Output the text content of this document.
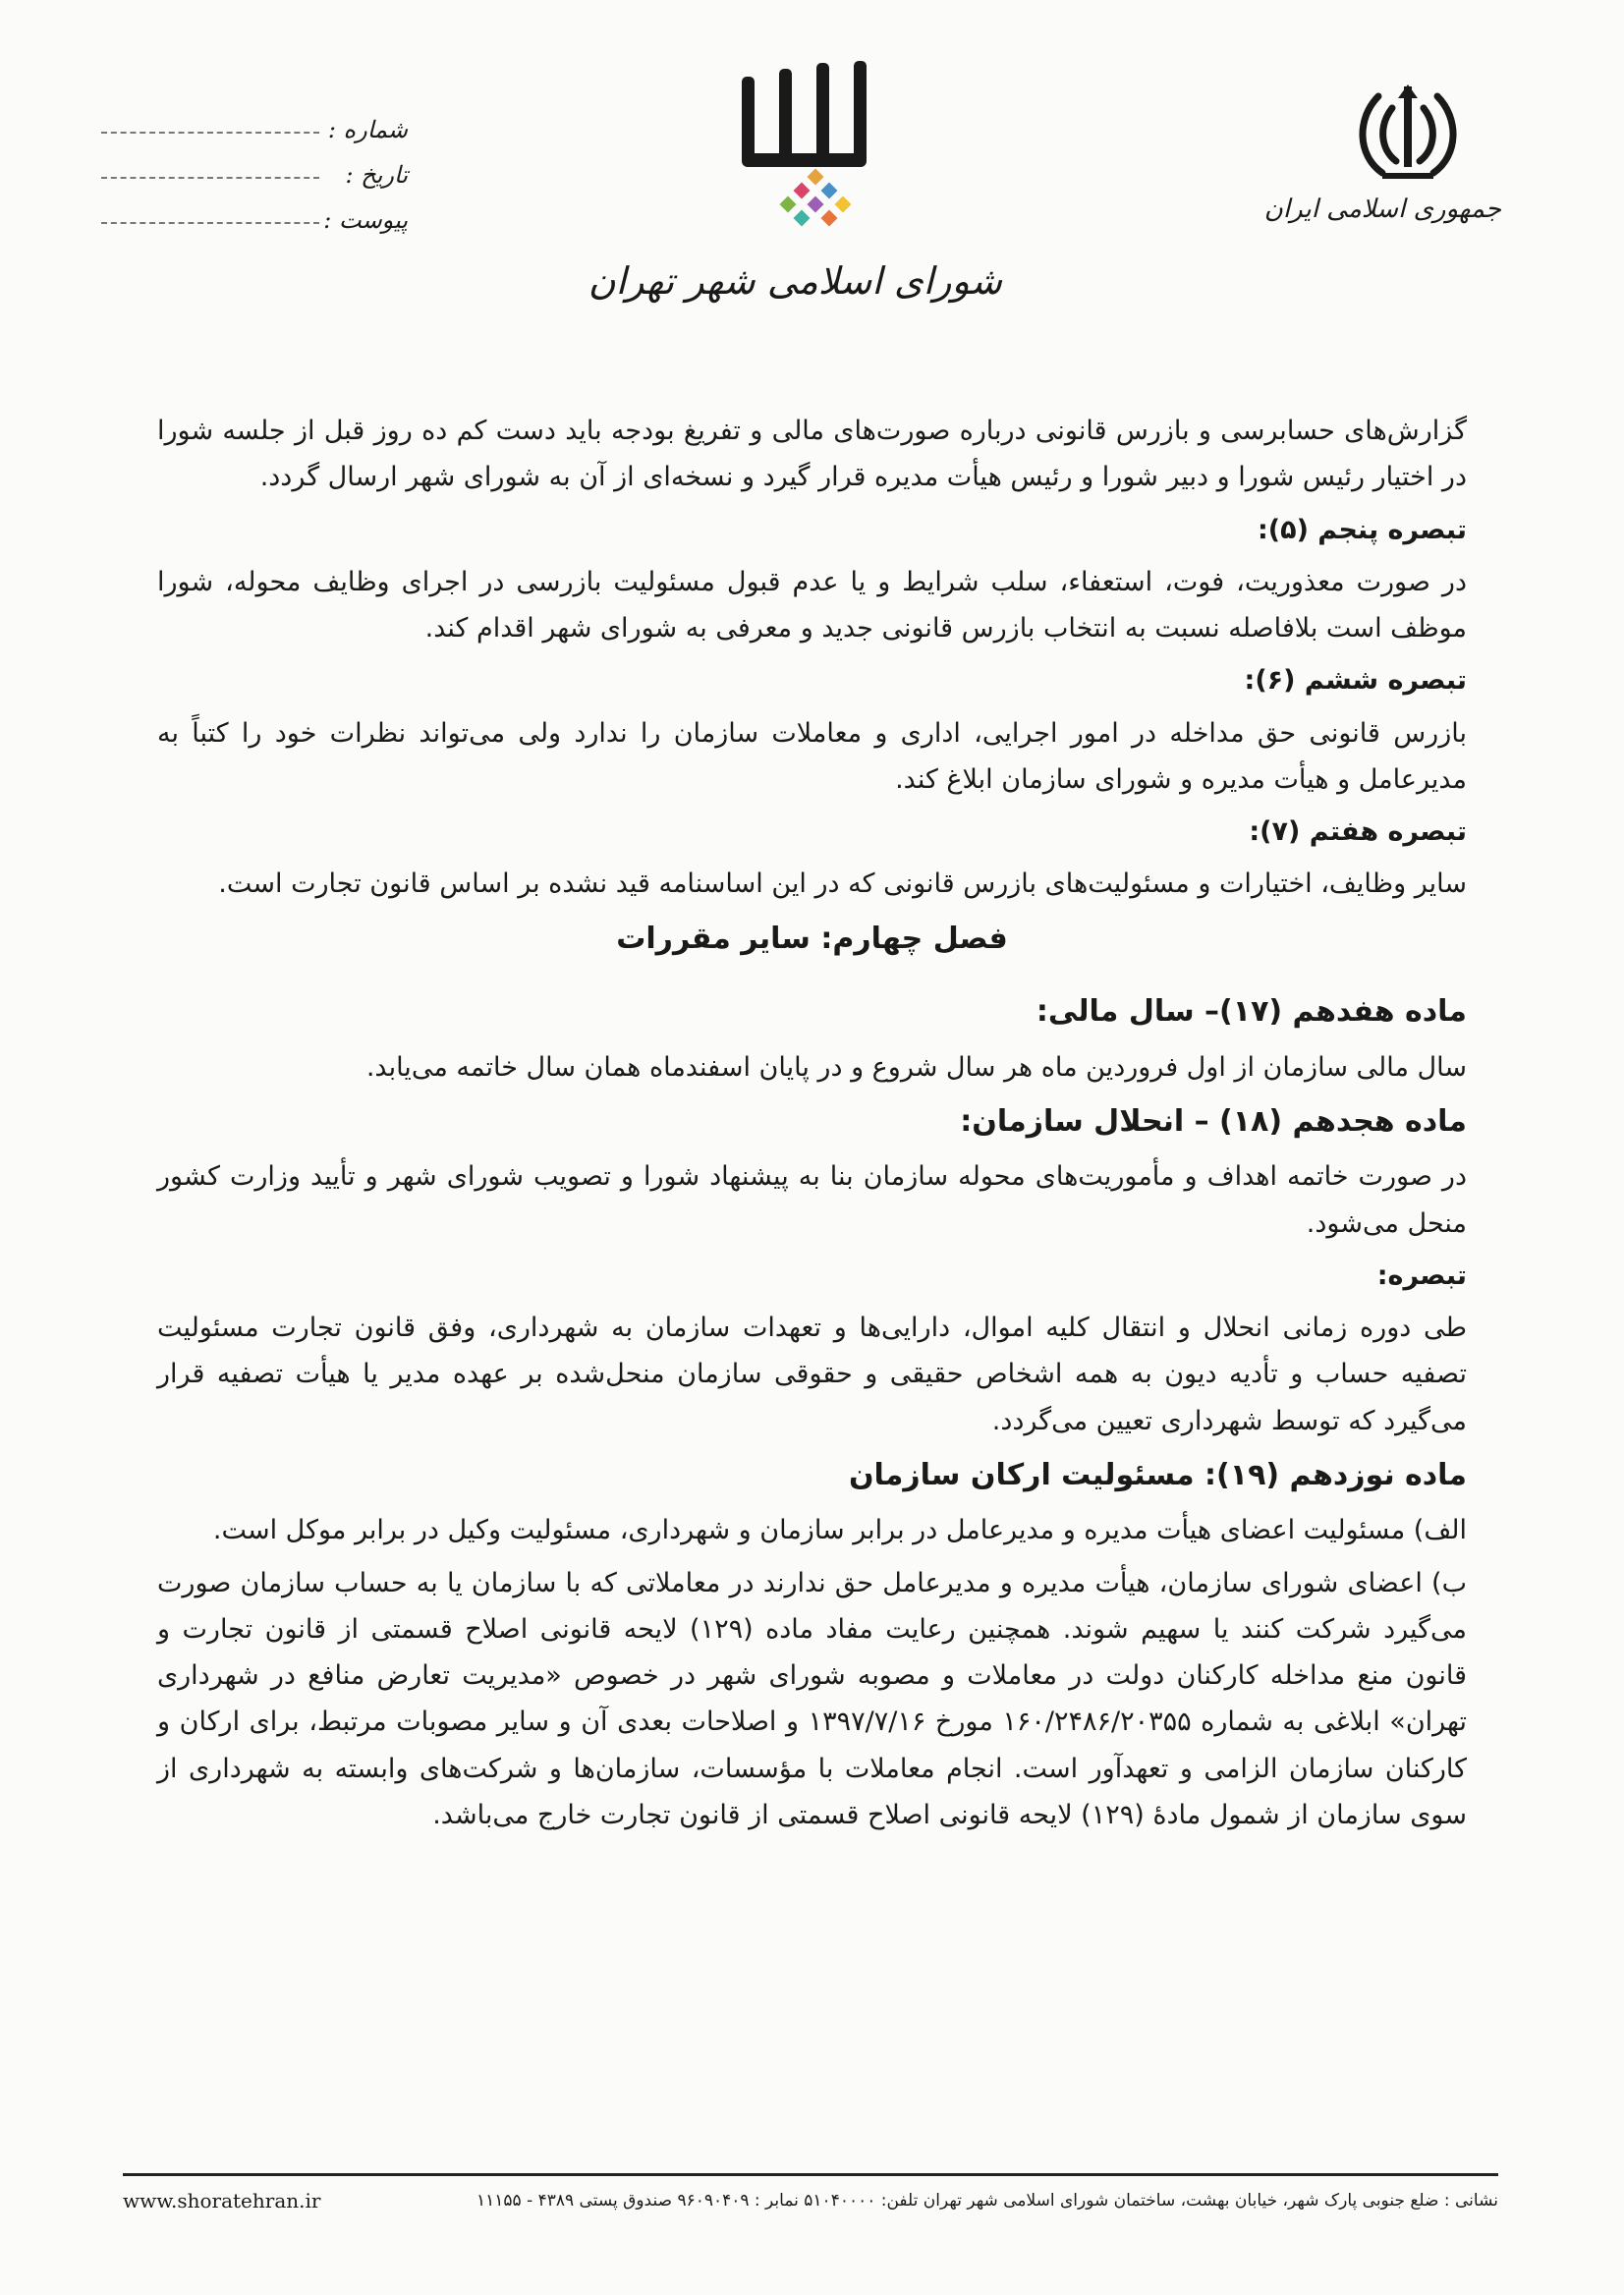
جمهوری اسلامی ایران
شورای اسلامی شهر تهران
شماره :
تاریخ :
پیوست :

گزارش‌های حسابرسی و بازرس قانونی درباره صورت‌های مالی و تفریغ بودجه باید دست کم ده روز قبل از جلسه شورا در اختیار رئیس شورا و دبیر شورا و رئیس هیأت مدیره قرار گیرد و نسخه‌ای از آن به شورای شهر ارسال گردد.

تبصره پنجم (۵):

در صورت معذوریت، فوت، استعفاء، سلب شرایط و یا عدم قبول مسئولیت بازرسی در اجرای وظایف محوله، شورا موظف است بلافاصله نسبت به انتخاب بازرس قانونی جدید و معرفی به شورای شهر اقدام کند.

تبصره ششم (۶):

بازرس قانونی حق مداخله در امور اجرایی، اداری و معاملات سازمان را ندارد ولی می‌تواند نظرات خود را کتباً به مدیرعامل و هیأت مدیره و شورای سازمان ابلاغ کند.

تبصره هفتم (۷):

سایر وظایف، اختیارات و مسئولیت‌های بازرس قانونی که در این اساسنامه قید نشده بر اساس قانون تجارت است.

فصل چهارم: سایر مقررات
ماده هفدهم (۱۷)– سال مالی:

سال مالی سازمان از اول فروردین ماه هر سال شروع و در پایان اسفندماه همان سال خاتمه می‌یابد.

ماده هجدهم (۱۸) – انحلال سازمان:

در صورت خاتمه اهداف و مأموریت‌های محوله سازمان بنا به پیشنهاد شورا و تصویب شورای شهر و تأیید وزارت کشور منحل می‌شود.

تبصره:

طی دوره زمانی انحلال و انتقال کلیه اموال، دارایی‌ها و تعهدات سازمان به شهرداری، وفق قانون تجارت مسئولیت تصفیه حساب و تأدیه دیون به همه اشخاص حقیقی و حقوقی سازمان منحل‌شده بر عهده مدیر یا هیأت تصفیه قرار می‌گیرد که توسط شهرداری تعیین می‌گردد.

ماده نوزدهم (۱۹): مسئولیت ارکان سازمان

الف) مسئولیت اعضای هیأت مدیره و مدیرعامل در برابر سازمان و شهرداری، مسئولیت وکیل در برابر موکل است.

ب) اعضای شورای سازمان، هیأت مدیره و مدیرعامل حق ندارند در معاملاتی که با سازمان یا به حساب سازمان صورت می‌گیرد شرکت کنند یا سهیم شوند. همچنین رعایت مفاد ماده (۱۲۹) لایحه قانونی اصلاح قسمتی از قانون تجارت و قانون منع مداخله کارکنان دولت در معاملات و مصوبه شورای شهر در خصوص «مدیریت تعارض منافع در شهرداری تهران» ابلاغی به شماره ۱۶۰/۲۴۸۶/۲۰۳۵۵ مورخ ۱۳۹۷/۷/۱۶ و اصلاحات بعدی آن و سایر مصوبات مرتبط، برای ارکان و کارکنان سازمان الزامی و تعهدآور است. انجام معاملات با مؤسسات، سازمان‌ها و شرکت‌های وابسته به شهرداری از سوی سازمان از شمول مادهٔ (۱۲۹) لایحه قانونی اصلاح قسمتی از قانون تجارت خارج می‌باشد.

نشانی : ضلع جنوبی پارک شهر، خیابان بهشت، ساختمان شورای اسلامی شهر تهران تلفن: ۵۱۰۴۰۰۰۰ نمابر : ۹۶۰۹۰۴۰۹ صندوق پستی ۴۳۸۹ - ۱۱۱۵۵
www.shoratehran.ir
